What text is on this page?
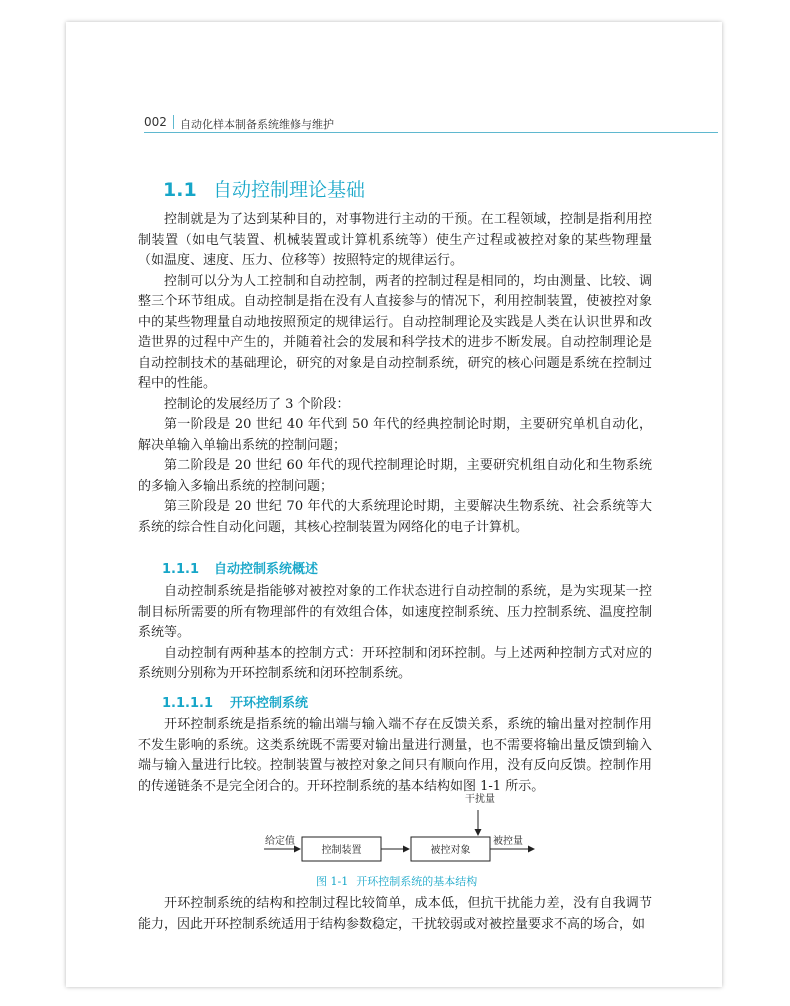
002	自动化样本制备系统维修与维护
1.1 自动控制理论基础

控制就是为了达到某种目的，对事物进行主动的干预。在工程领域，控制是指利用控制装置（如电气装置、机械装置或计算机系统等）使生产过程或被控对象的某些物理量（如温度、速度、压力、位移等）按照特定的规律运行。

控制可以分为人工控制和自动控制，两者的控制过程是相同的，均由测量、比较、调整三个环节组成。自动控制是指在没有人直接参与的情况下，利用控制装置，使被控对象中的某些物理量自动地按照预定的规律运行。自动控制理论及实践是人类在认识世界和改造世界的过程中产生的，并随着社会的发展和科学技术的进步不断发展。自动控制理论是自动控制技术的基础理论，研究的对象是自动控制系统，研究的核心问题是系统在控制过程中的性能。

控制论的发展经历了 3 个阶段：

第一阶段是 20 世纪 40 年代到 50 年代的经典控制论时期，主要研究单机自动化，解决单输入单输出系统的控制问题；

第二阶段是 20 世纪 60 年代的现代控制理论时期，主要研究机组自动化和生物系统的多输入多输出系统的控制问题；

第三阶段是 20 世纪 70 年代的大系统理论时期，主要解决生物系统、社会系统等大系统的综合性自动化问题，其核心控制装置为网络化的电子计算机。

1.1.1 自动控制系统概述

自动控制系统是指能够对被控对象的工作状态进行自动控制的系统，是为实现某一控制目标所需要的所有物理部件的有效组合体，如速度控制系统、压力控制系统、温度控制系统等。

自动控制有两种基本的控制方式：开环控制和闭环控制。与上述两种控制方式对应的系统则分别称为开环控制系统和闭环控制系统。

1.1.1.1 开环控制系统

开环控制系统是指系统的输出端与输入端不存在反馈关系，系统的输出量对控制作用不发生影响的系统。这类系统既不需要对输出量进行测量，也不需要将输出量反馈到输入端与输入量进行比较。控制装置与被控对象之间只有顺向作用，没有反向反馈。控制作用的传递链条不是完全闭合的。开环控制系统的基本结构如图 1-1 所示。

给定值
控制装置	被控对象
干扰量
被控量
图 1-1 开环控制系统的基本结构

开环控制系统的结构和控制过程比较简单，成本低，但抗干扰能力差，没有自我调节能力，因此开环控制系统适用于结构参数稳定，干扰较弱或对被控量要求不高的场合，如
